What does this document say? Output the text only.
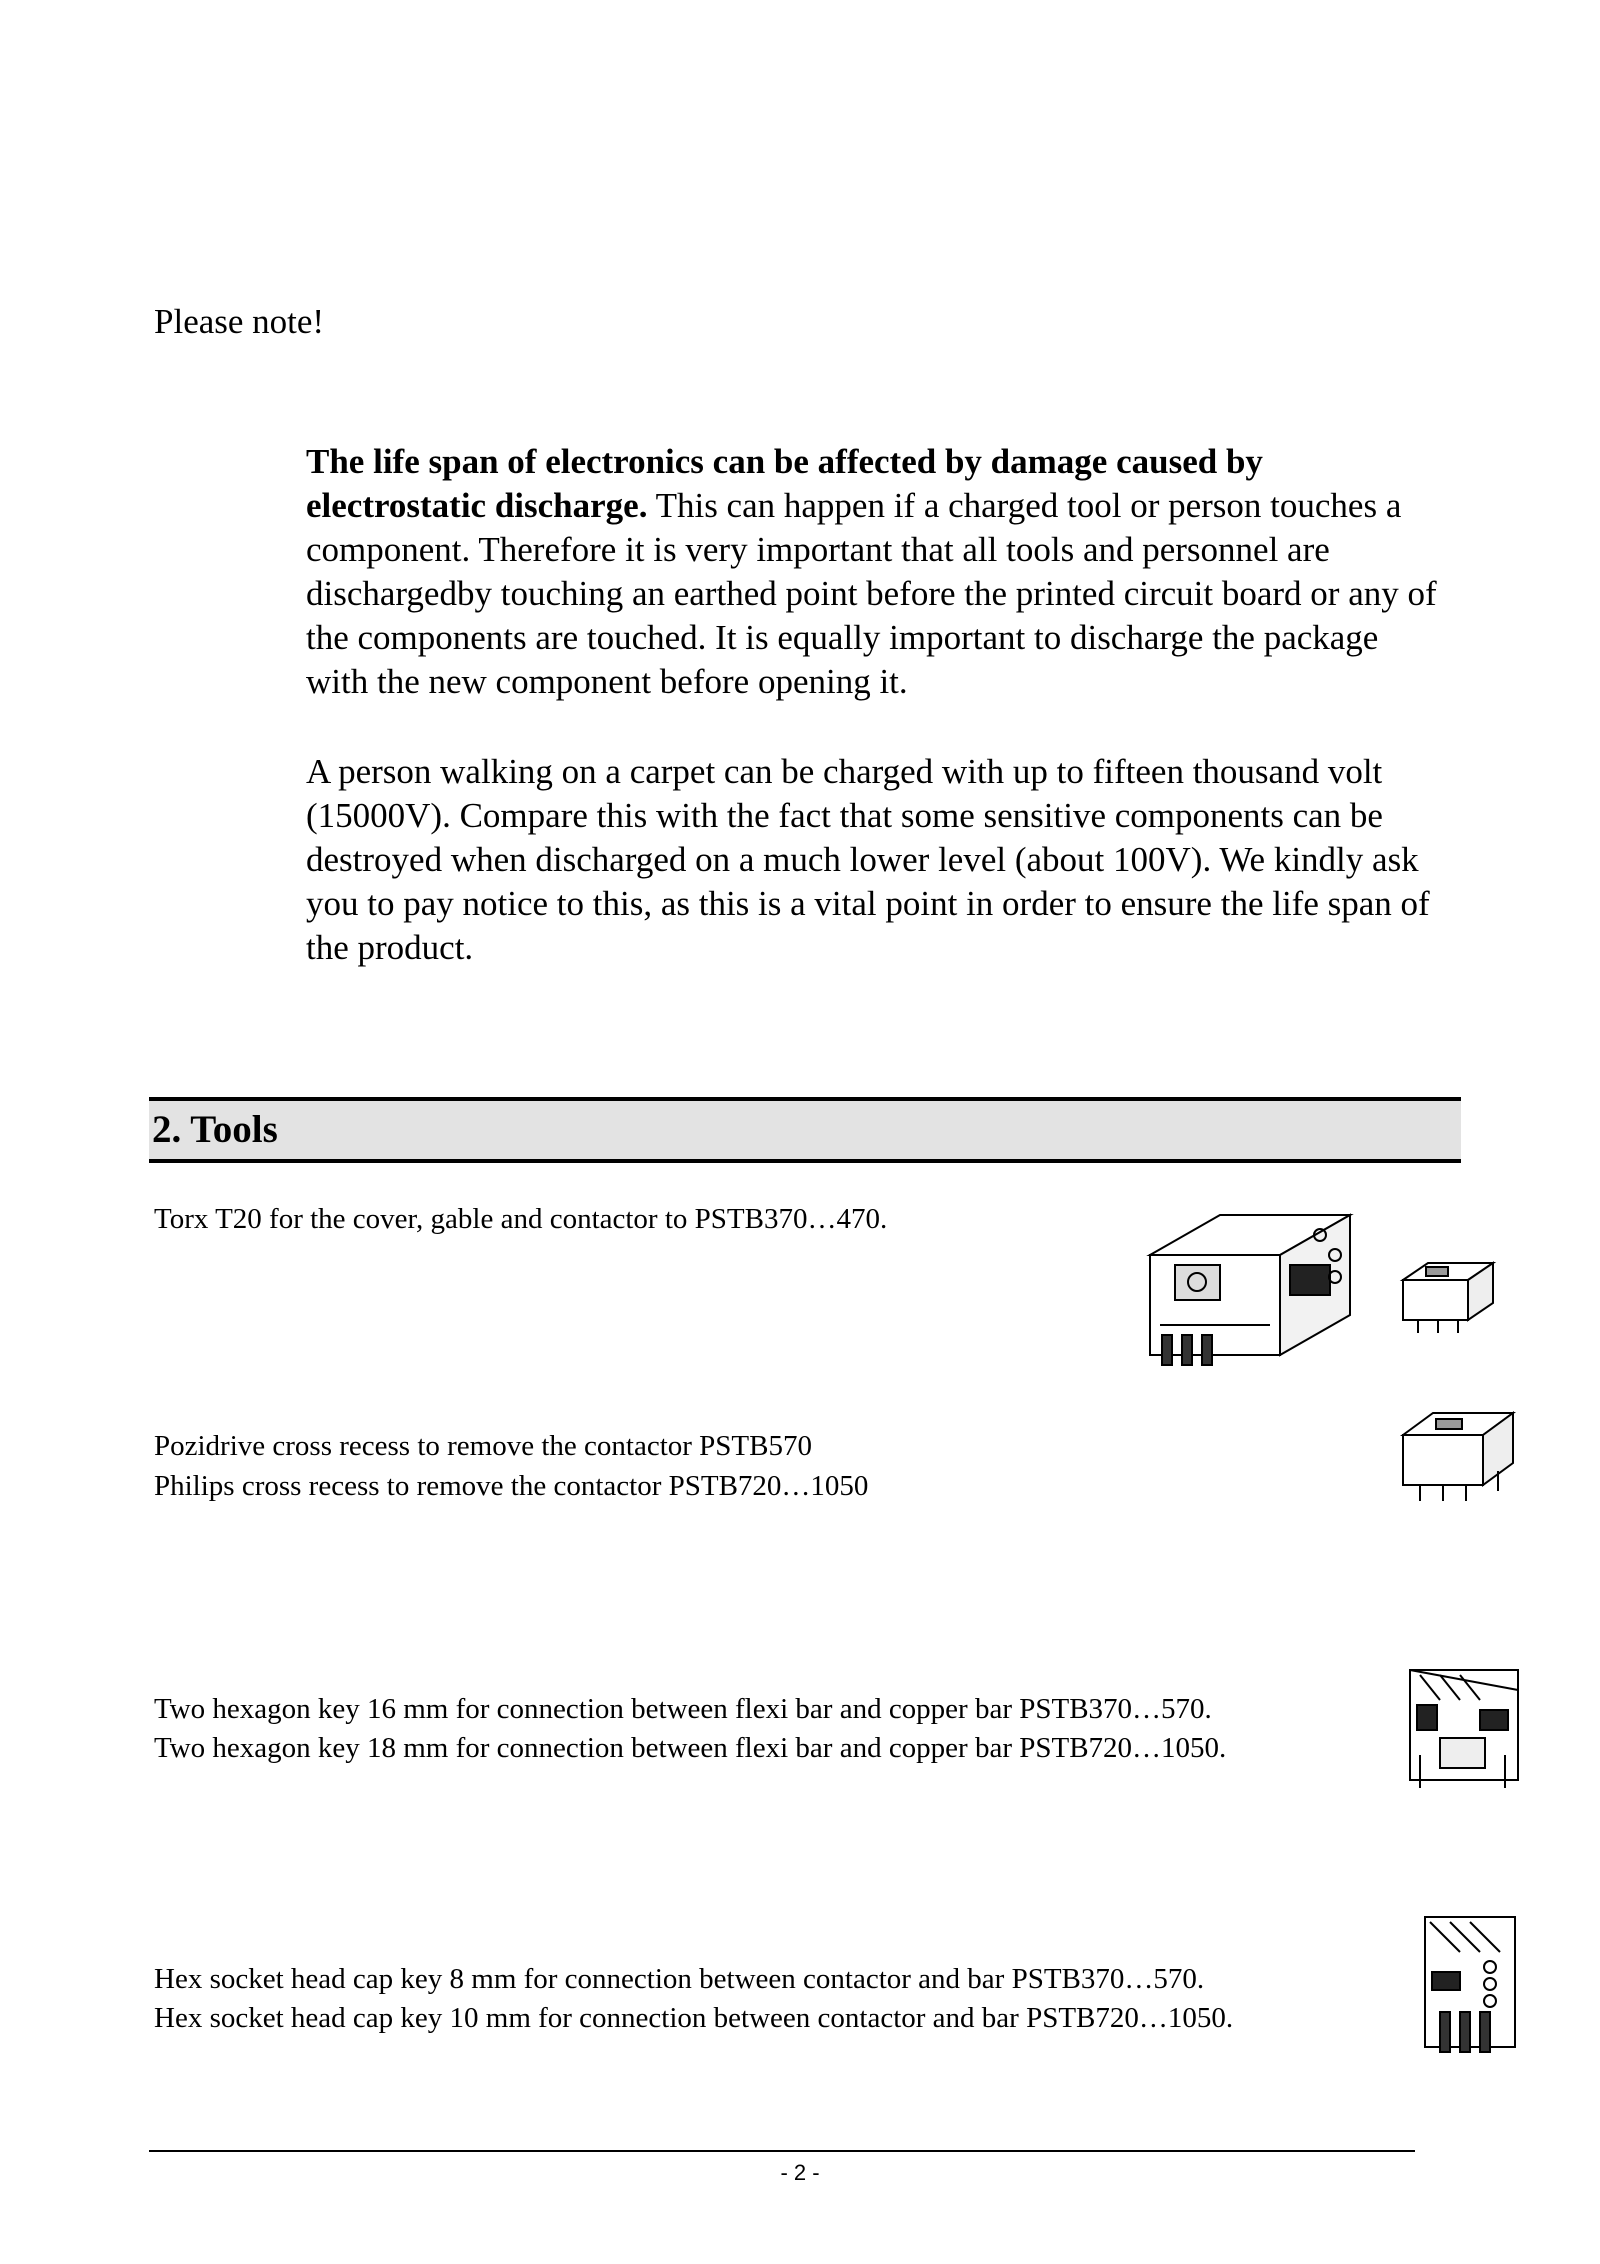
Please note!
The life span of electronics can be affected by damage caused by electrostatic discharge. This can happen if a charged tool or person touches a component. Therefore it is very important that all tools and personnel are dischargedby touching an earthed point before the printed circuit board or any of the components are touched. It is equally important to discharge the package with the new component before opening it.
A person walking on a carpet can be charged with up to fifteen thousand volt (15000V). Compare this with the fact that some sensitive components can be destroyed when discharged on a much lower level (about 100V). We kindly ask you to pay notice to this, as this is a vital point in order to ensure the life span of the product.
2. Tools
Torx T20 for the cover, gable and contactor to PSTB370…470.
Pozidrive cross recess to remove the contactor PSTB570
Philips cross recess to remove the contactor PSTB720…1050
Two hexagon key 16 mm for connection between flexi bar and copper bar PSTB370…570.
Two hexagon key 18 mm for connection between flexi bar and copper bar PSTB720…1050.
Hex socket head cap key 8 mm for connection between contactor and bar PSTB370…570.
Hex socket head cap key 10 mm for connection between contactor and bar PSTB720…1050.
- 2 -
